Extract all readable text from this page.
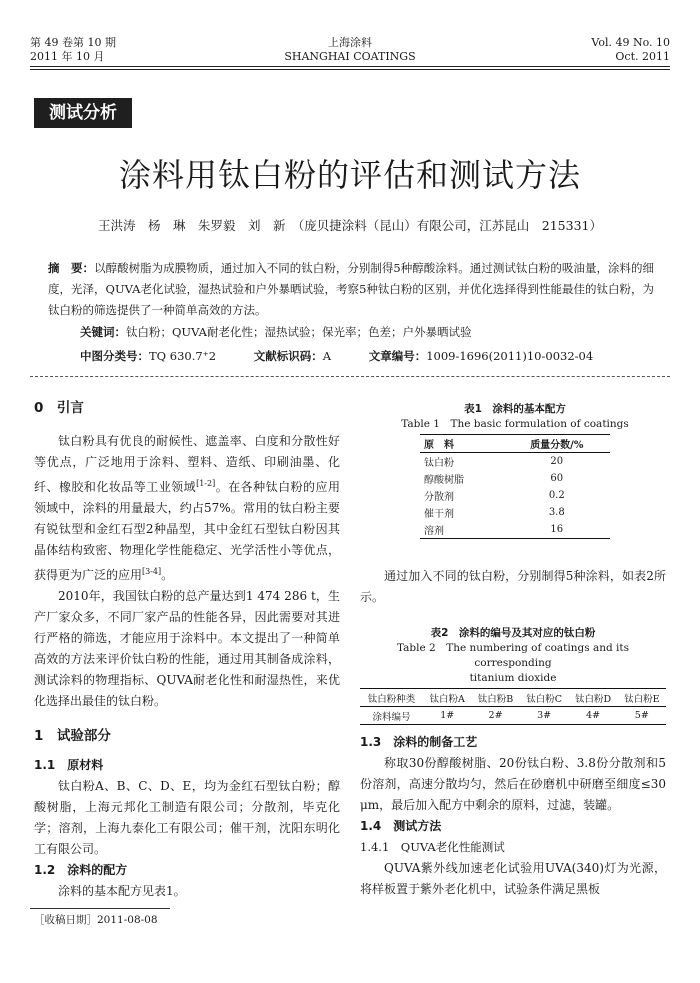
第 49 卷第 10 期
2011 年 10 月
上海涂料
SHANGHAI COATINGS
Vol. 49 No. 10
Oct. 2011
测试分析
涂料用钛白粉的评估和测试方法
王洪涛　杨　琳　朱罗毅　刘　新　（庞贝捷涂料（昆山）有限公司，江苏昆山　215331）
摘　要：以醇酸树脂为成膜物质，通过加入不同的钛白粉，分别制得5种醇酸涂料。通过测试钛白粉的吸油量，涂料的细度，光泽，QUVA老化试验，湿热试验和户外暴晒试验，考察5种钛白粉的区别，并优化选择得到性能最佳的钛白粉，为钛白粉的筛选提供了一种简单高效的方法。
关键词：钛白粉；QUVA耐老化性；湿热试验；保光率；色差；户外暴晒试验
中图分类号：TQ 630.7⁺2	文献标识码：A	文章编号：1009-1696(2011)10-0032-04
0　引言

钛白粉具有优良的耐候性、遮盖率、白度和分散性好等优点，广泛地用于涂料、塑料、造纸、印刷油墨、化纤、橡胶和化妆品等工业领域[1-2]。在各种钛白粉的应用领域中，涂料的用量最大，约占57%。常用的钛白粉主要有锐钛型和金红石型2种晶型，其中金红石型钛白粉因其晶体结构致密、物理化学性能稳定、光学活性小等优点，获得更为广泛的应用[3-4]。

2010年，我国钛白粉的总产量达到1 474 286 t，生产厂家众多，不同厂家产品的性能各异，因此需要对其进行严格的筛选，才能应用于涂料中。本文提出了一种简单高效的方法来评价钛白粉的性能，通过用其制备成涂料，测试涂料的物理指标、QUVA耐老化性和耐湿热性，来优化选择出最佳的钛白粉。

1　试验部分
1.1　原材料

钛白粉A、B、C、D、E，均为金红石型钛白粉；醇酸树脂，上海元邦化工制造有限公司；分散剂，毕克化学；溶剂，上海九泰化工有限公司；催干剂，沈阳东明化工有限公司。

1.2　涂料的配方

涂料的基本配方见表1。

［收稿日期］2011-08-08
表1　涂料的基本配方
Table 1　The basic formulation of coatings
原　料	质量分数/%
钛白粉	20
醇酸树脂	60
分散剂	0.2
催干剂	3.8
溶剂	16

通过加入不同的钛白粉，分别制得5种涂料，如表2所示。

表2　涂料的编号及其对应的钛白粉
Table 2　The numbering of coatings and its corresponding
titanium dioxide
钛白粉种类	钛白粉A	钛白粉B	钛白粉C	钛白粉D	钛白粉E
涂料编号	1#	2#	3#	4#	5#
1.3　涂料的制备工艺

称取30份醇酸树脂、20份钛白粉、3.8份分散剂和5份溶剂，高速分散均匀，然后在砂磨机中研磨至细度≤30 μm，最后加入配方中剩余的原料，过滤，装罐。

1.4　测试方法
1.4.1　QUVA老化性能测试

QUVA紫外线加速老化试验用UVA(340)灯为光源，将样板置于紫外老化机中，试验条件满足黑板
